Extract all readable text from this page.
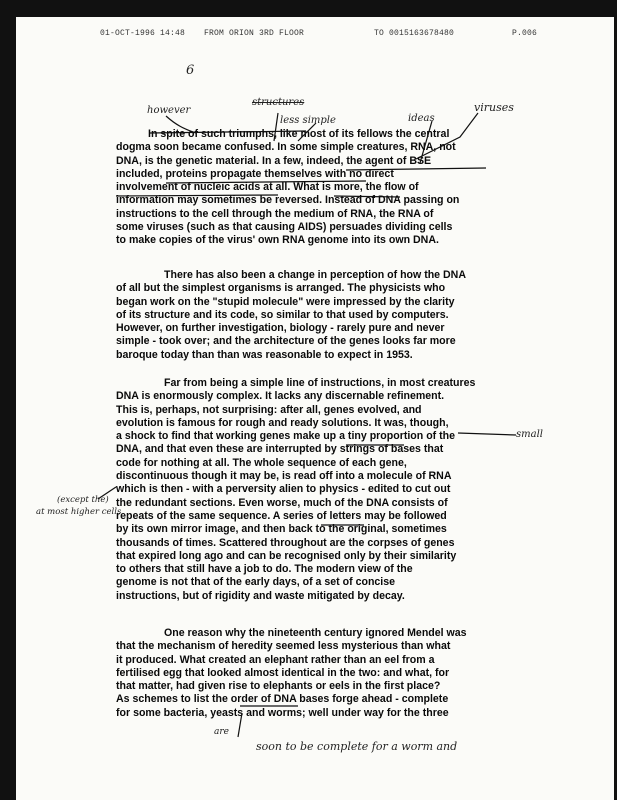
01-OCT-1996 14:48 FROM ORION 3RD FLOOR	TO 0015163678480	P.006
6
however
structures
less simple	ideas
viruses
small
(except the)
at most higher cells
are
soon to be complete for a worm and
In spite of such triumphs, like most of its fellows the central
dogma soon became confused. In some simple creatures, RNA, not
DNA, is the genetic material. In a few, indeed, the agent of BSE
included, proteins propagate themselves with no direct
involvement of nucleic acids at all. What is more, the flow of
information may sometimes be reversed. Instead of DNA passing on
instructions to the cell through the medium of RNA, the RNA of
some viruses (such as that causing AIDS) persuades dividing cells
to make copies of the virus' own RNA genome into its own DNA.
There has also been a change in perception of how the DNA
of all but the simplest organisms is arranged. The physicists who
began work on the "stupid molecule" were impressed by the clarity
of its structure and its code, so similar to that used by computers.
However, on further investigation, biology - rarely pure and never
simple - took over; and the architecture of the genes looks far more
baroque today than than was reasonable to expect in 1953.
Far from being a simple line of instructions, in most creatures
DNA is enormously complex. It lacks any discernable refinement.
This is, perhaps, not surprising: after all, genes evolved, and
evolution is famous for rough and ready solutions. It was, though,
a shock to find that working genes make up a tiny proportion of the
DNA, and that even these are interrupted by strings of bases that
code for nothing at all. The whole sequence of each gene,
discontinuous though it may be, is read off into a molecule of RNA
which is then - with a perversity alien to physics - edited to cut out
the redundant sections. Even worse, much of the DNA consists of
repeats of the same sequence. A series of letters may be followed
by its own mirror image, and then back to the original, sometimes
thousands of times. Scattered throughout are the corpses of genes
that expired long ago and can be recognised only by their similarity
to others that still have a job to do. The modern view of the
genome is not that of the early days, of a set of concise
instructions, but of rigidity and waste mitigated by decay.
One reason why the nineteenth century ignored Mendel was
that the mechanism of heredity seemed less mysterious than what
it produced. What created an elephant rather than an eel from a
fertilised egg that looked almost identical in the two: and what, for
that matter, had given rise to elephants or eels in the first place?
As schemes to list the order of DNA bases forge ahead - complete
for some bacteria, yeasts and worms; well under way for the three
